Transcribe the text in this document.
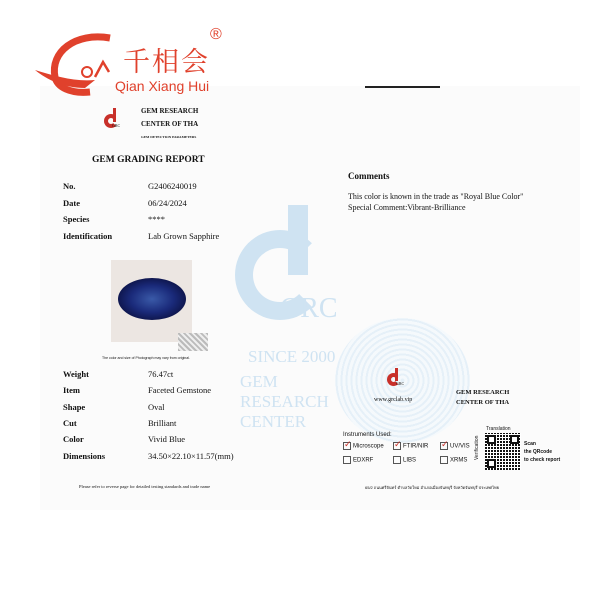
千相会
®
Qian Xiang Hui
GRC
GEM RESEARCH
CENTER OF THA
GEM DETECTION PARAMETERS
GEM GRADING REPORT
GRC
SINCE 2000
GEM RESEARCH CENTER
No.	G2406240019
Date	06/24/2024
Species	****
Identification	Lab Grown Sapphire
The color and size of Photograph may vary from original.
Weight	76.47ct
Item	Faceted Gemstone
Shape	Oval
Cut	Brilliant
Color	Vivid Blue
Dimensions	34.50×22.10×11.57(mm)
Please refer to reverse page for detailed testing standards and trade name
Comments
This color is known in the trade as "Royal Blue Color"
Special Comment:Vibrant-Brilliance
GRC
www.grclab.vip
GEM RESEARCH
CENTER OF THA
Instruments Used:
✓Microscope ✓	FTIR/NIR ✓	UV/VIS
EDXRF	LIBS	XRMS
Translation
Verification	Scan
the QRcode
to check report
65/2 ถนนศรีจันทร์ ตำบลวัดใหม่ อำเภอเมืองจันทบุรี จังหวัดจันทบุรี ประเทศไทย
